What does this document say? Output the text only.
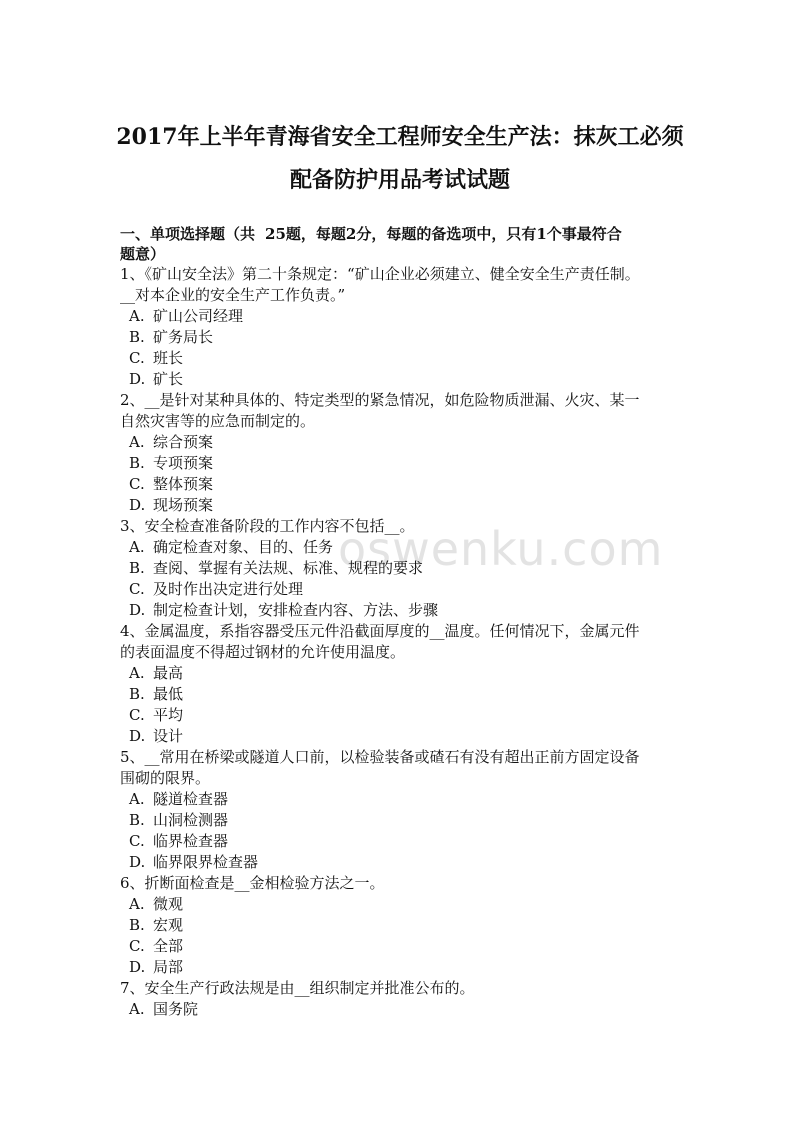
oswenku.com
2017年上半年青海省安全工程师安全生产法：抹灰工必须
配备防护用品考试试题
一、单项选择题（共 25题，每题2分，每题的备选项中，只有1个事最符合
题意）
1、《矿山安全法》第二十条规定：“矿山企业必须建立、健全安全生产责任制。
__对本企业的安全生产工作负责。”
A. 矿山公司经理
B. 矿务局长
C. 班长
D. 矿长
2、__是针对某种具体的、特定类型的紧急情况，如危险物质泄漏、火灾、某一
自然灾害等的应急而制定的。
A. 综合预案
B. 专项预案
C. 整体预案
D. 现场预案
3、安全检查准备阶段的工作内容不包括__。
A. 确定检查对象、目的、任务
B. 查阅、掌握有关法规、标准、规程的要求
C. 及时作出决定进行处理
D. 制定检查计划，安排检查内容、方法、步骤
4、金属温度，系指容器受压元件沿截面厚度的__温度。任何情况下，金属元件
的表面温度不得超过钢材的允许使用温度。
A. 最高
B. 最低
C. 平均
D. 设计
5、__常用在桥梁或隧道人口前，以检验装备或碴石有没有超出正前方固定设备
围砌的限界。
A. 隧道检查器
B. 山洞检测器
C. 临界检查器
D. 临界限界检查器
6、折断面检查是__金相检验方法之一。
A. 微观
B. 宏观
C. 全部
D. 局部
7、安全生产行政法规是由__组织制定并批准公布的。
A. 国务院
